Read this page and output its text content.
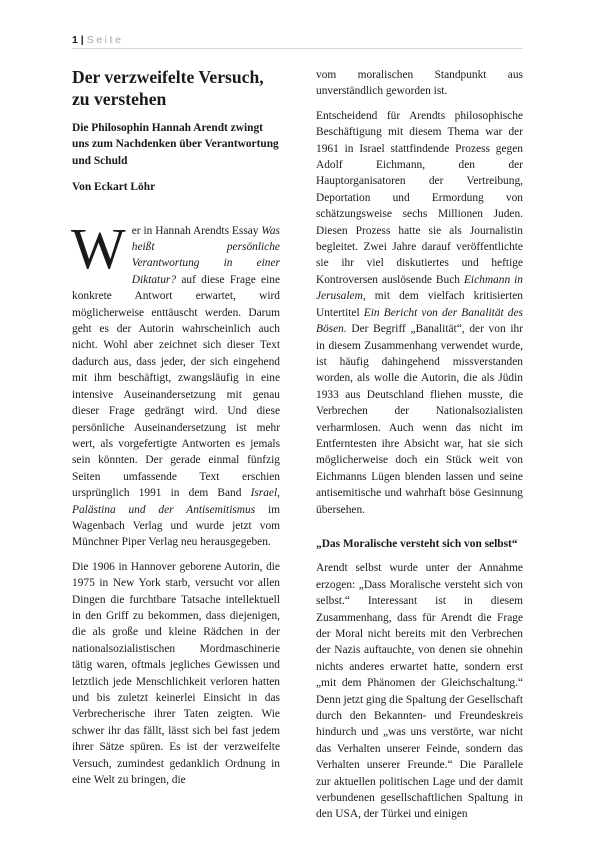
1 | Seite
Der verzweifelte Versuch, zu verstehen
Die Philosophin Hannah Arendt zwingt uns zum Nachdenken über Verantwortung und Schuld
Von Eckart Löhr

Wer in Hannah Arendts Essay Was heißt persönliche Verantwortung in einer Diktatur? auf diese Frage eine konkrete Antwort erwartet, wird möglicherweise enttäuscht werden. Darum geht es der Autorin wahrscheinlich auch nicht. Wohl aber zeichnet sich dieser Text dadurch aus, dass jeder, der sich eingehend mit ihm beschäftigt, zwangsläufig in eine intensive Auseinandersetzung mit genau dieser Frage gedrängt wird. Und diese persönliche Auseinandersetzung ist mehr wert, als vorgefertigte Antworten es jemals sein könnten. Der gerade einmal fünfzig Seiten umfassende Text erschien ursprünglich 1991 in dem Band Israel, Palästina und der Antisemitismus im Wagenbach Verlag und wurde jetzt vom Münchner Piper Verlag neu herausgegeben.

Die 1906 in Hannover geborene Autorin, die 1975 in New York starb, versucht vor allen Dingen die furchtbare Tatsache intellektuell in den Griff zu bekommen, dass diejenigen, die als große und kleine Rädchen in der nationalsozialistischen Mordmaschinerie tätig waren, oftmals jegliches Gewissen und letztlich jede Menschlichkeit verloren hatten und bis zuletzt keinerlei Einsicht in das Verbrecherische ihrer Taten zeigten. Wie schwer ihr das fällt, lässt sich bei fast jedem ihrer Sätze spüren. Es ist der verzweifelte Versuch, zumindest gedanklich Ordnung in eine Welt zu bringen, die

vom moralischen Standpunkt aus unverständlich geworden ist.

Entscheidend für Arendts philosophische Beschäftigung mit diesem Thema war der 1961 in Israel stattfindende Prozess gegen Adolf Eichmann, den der Hauptorganisatoren der Vertreibung, Deportation und Ermordung von schätzungsweise sechs Millionen Juden. Diesen Prozess hatte sie als Journalistin begleitet. Zwei Jahre darauf veröffentlichte sie ihr viel diskutiertes und heftige Kontroversen auslösende Buch Eichmann in Jerusalem, mit dem vielfach kritisierten Untertitel Ein Bericht von der Banalität des Bösen. Der Begriff „Banalität“, der von ihr in diesem Zusammenhang verwendet wurde, ist häufig dahingehend missverstanden worden, als wolle die Autorin, die als Jüdin 1933 aus Deutschland fliehen musste, die Verbrechen der Nationalsozialisten verharmlosen. Auch wenn das nicht im Entferntesten ihre Absicht war, hat sie sich möglicherweise doch ein Stück weit von Eichmanns Lügen blenden lassen und seine antisemitische und wahrhaft böse Gesinnung übersehen.

„Das Moralische versteht sich von selbst“

Arendt selbst wurde unter der Annahme erzogen: „Dass Moralische versteht sich von selbst.“ Interessant ist in diesem Zusammenhang, dass für Arendt die Frage der Moral nicht bereits mit den Verbrechen der Nazis auftauchte, von denen sie ohnehin nichts anderes erwartet hatte, sondern erst „mit dem Phänomen der Gleichschaltung.“ Denn jetzt ging die Spaltung der Gesellschaft durch den Bekannten- und Freundeskreis hindurch und „was uns verstörte, war nicht das Verhalten unserer Feinde, sondern das Verhalten unserer Freunde.“ Die Parallele zur aktuellen politischen Lage und der damit verbundenen gesellschaftlichen Spaltung in den USA, der Türkei und einigen
